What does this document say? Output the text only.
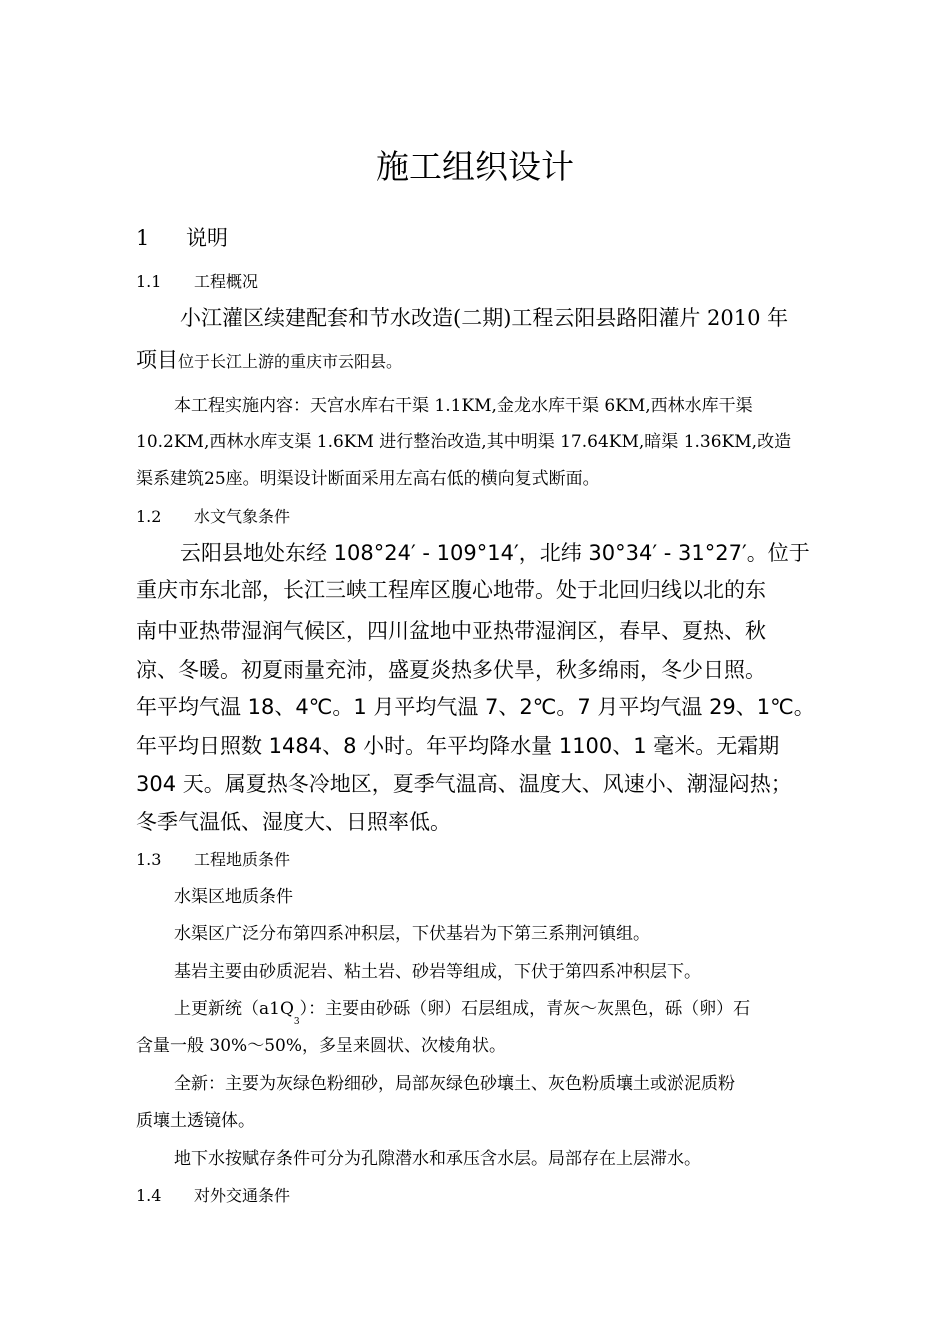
施工组织设计
1 说明
1.1 工程概况
小江灌区续建配套和节水改造(二期)工程云阳县路阳灌片 2010 年
项目位于长江上游的重庆市云阳县。
本工程实施内容：天宫水库右干渠 1.1KM,金龙水库干渠 6KM,西林水库干渠
10.2KM,西林水库支渠 1.6KM 进行整治改造,其中明渠 17.64KM,暗渠 1.36KM,改造
渠系建筑25座。明渠设计断面采用左高右低的横向复式断面。
1.2 水文气象条件
云阳县地处东经 108°24′ - 109°14′，北纬 30°34′ - 31°27′。位于
重庆市东北部，长江三峡工程库区腹心地带。处于北回归线以北的东
南中亚热带湿润气候区，四川盆地中亚热带湿润区，春早、夏热、秋
凉、冬暖。初夏雨量充沛，盛夏炎热多伏旱，秋多绵雨，冬少日照。
年平均气温 18、4℃。1 月平均气温 7、2℃。7 月平均气温 29、1℃。
年平均日照数 1484、8 小时。年平均降水量 1100、1 毫米。无霜期
304 天。属夏热冬冷地区，夏季气温高、温度大、风速小、潮湿闷热；
冬季气温低、湿度大、日照率低。
1.3 工程地质条件
水渠区地质条件
水渠区广泛分布第四系冲积层，下伏基岩为下第三系荆河镇组。
基岩主要由砂质泥岩、粘土岩、砂岩等组成，下伏于第四系冲积层下。
上更新统$(a1Q_3)$：主要由砂砾（卵）石层组成，青灰～灰黑色，砾（卵）石
含量一般 30%～50%，多呈来圆状、次棱角状。
全新：主要为灰绿色粉细砂，局部灰绿色砂壤土、灰色粉质壤土或淤泥质粉
质壤土透镜体。
地下水按赋存条件可分为孔隙潜水和承压含水层。局部存在上层滞水。
1.4 对外交通条件
